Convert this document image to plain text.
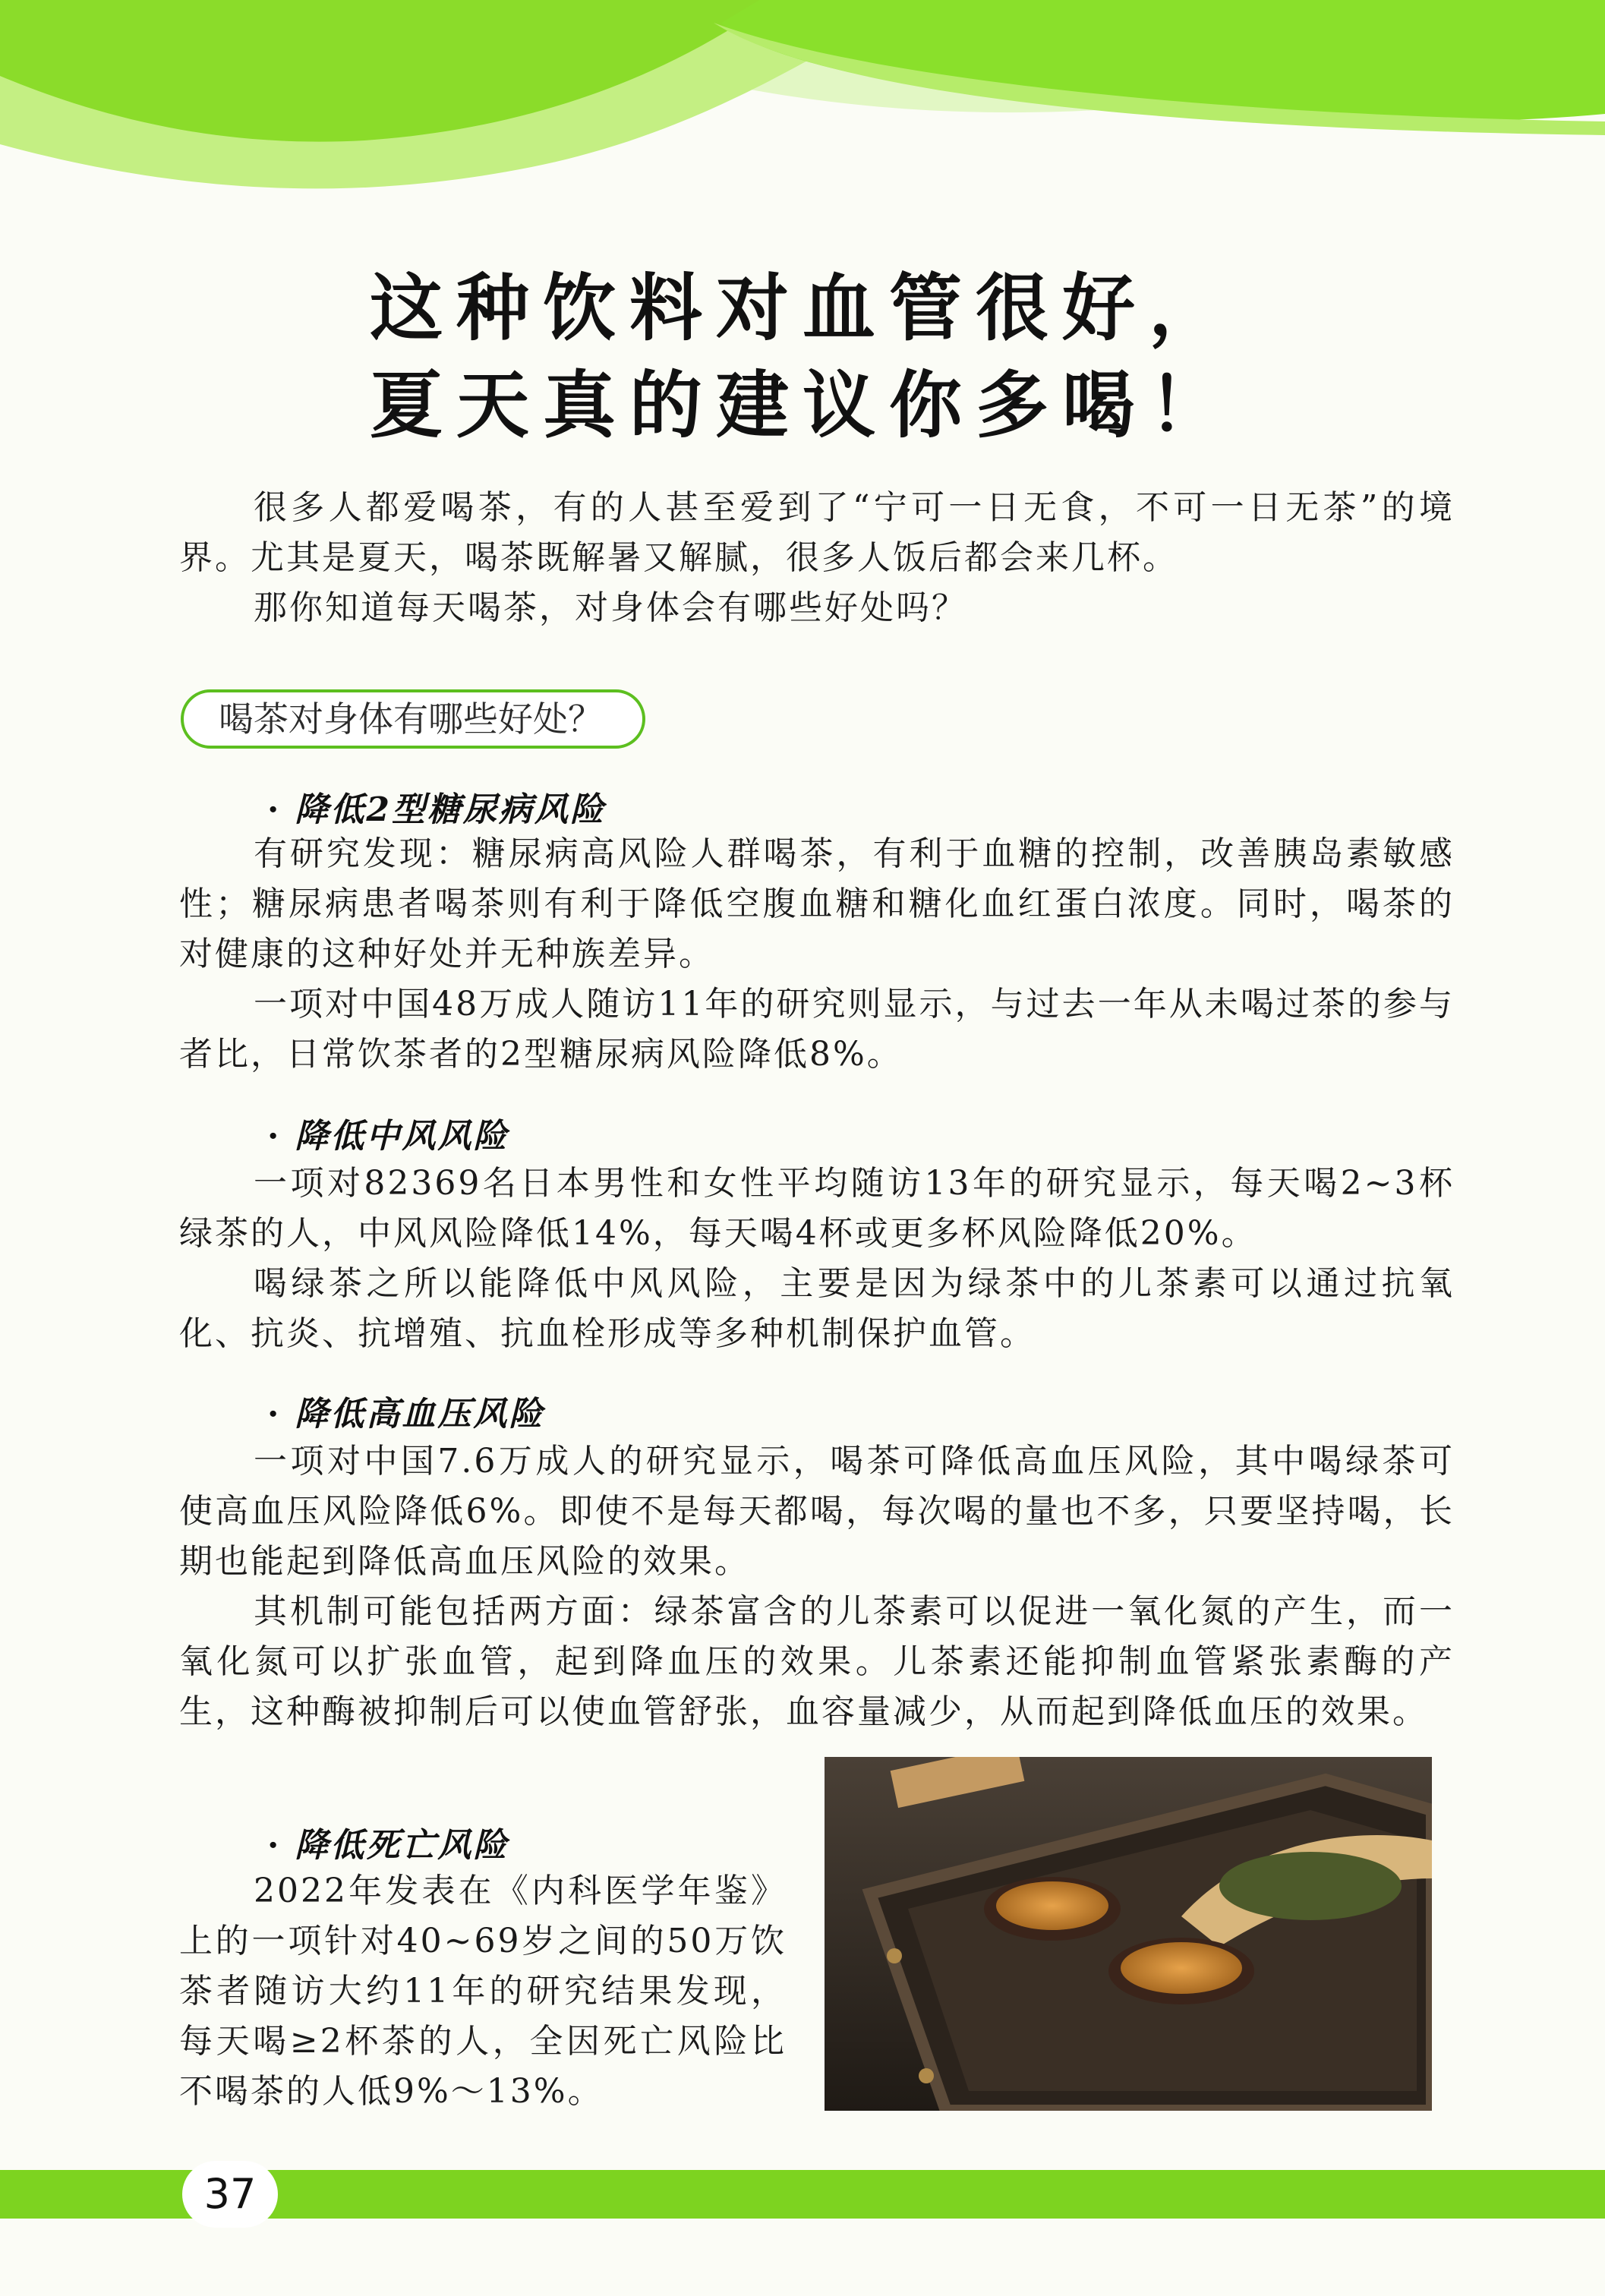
这种饮料对血管很好，
夏天真的建议你多喝！

很多人都爱喝茶，有的人甚至爱到了“宁可一日无食，不可一日无茶”的境界。尤其是夏天，喝茶既解暑又解腻，很多人饭后都会来几杯。

那你知道每天喝茶，对身体会有哪些好处吗？

喝茶对身体有哪些好处？
· 降低2型糖尿病风险

有研究发现：糖尿病高风险人群喝茶，有利于血糖的控制，改善胰岛素敏感性；糖尿病患者喝茶则有利于降低空腹血糖和糖化血红蛋白浓度。同时，喝茶的对健康的这种好处并无种族差异。

一项对中国48万成人随访11年的研究则显示，与过去一年从未喝过茶的参与者比，日常饮茶者的2型糖尿病风险降低8%。

· 降低中风风险

一项对82369名日本男性和女性平均随访13年的研究显示，每天喝2~3杯绿茶的人，中风风险降低14%，每天喝4杯或更多杯风险降低20%。

喝绿茶之所以能降低中风风险，主要是因为绿茶中的儿茶素可以通过抗氧化、抗炎、抗增殖、抗血栓形成等多种机制保护血管。

· 降低高血压风险

一项对中国7.6万成人的研究显示，喝茶可降低高血压风险，其中喝绿茶可使高血压风险降低6%。即使不是每天都喝，每次喝的量也不多，只要坚持喝，长期也能起到降低高血压风险的效果。

其机制可能包括两方面：绿茶富含的儿茶素可以促进一氧化氮的产生，而一氧化氮可以扩张血管，起到降血压的效果。儿茶素还能抑制血管紧张素酶的产生，这种酶被抑制后可以使血管舒张，血容量减少，从而起到降低血压的效果。

· 降低死亡风险

2022年发表在《内科医学年鉴》上的一项针对40~69岁之间的50万饮茶者随访大约11年的研究结果发现，每天喝≥2杯茶的人，全因死亡风险比不喝茶的人低9%～13%。

37
